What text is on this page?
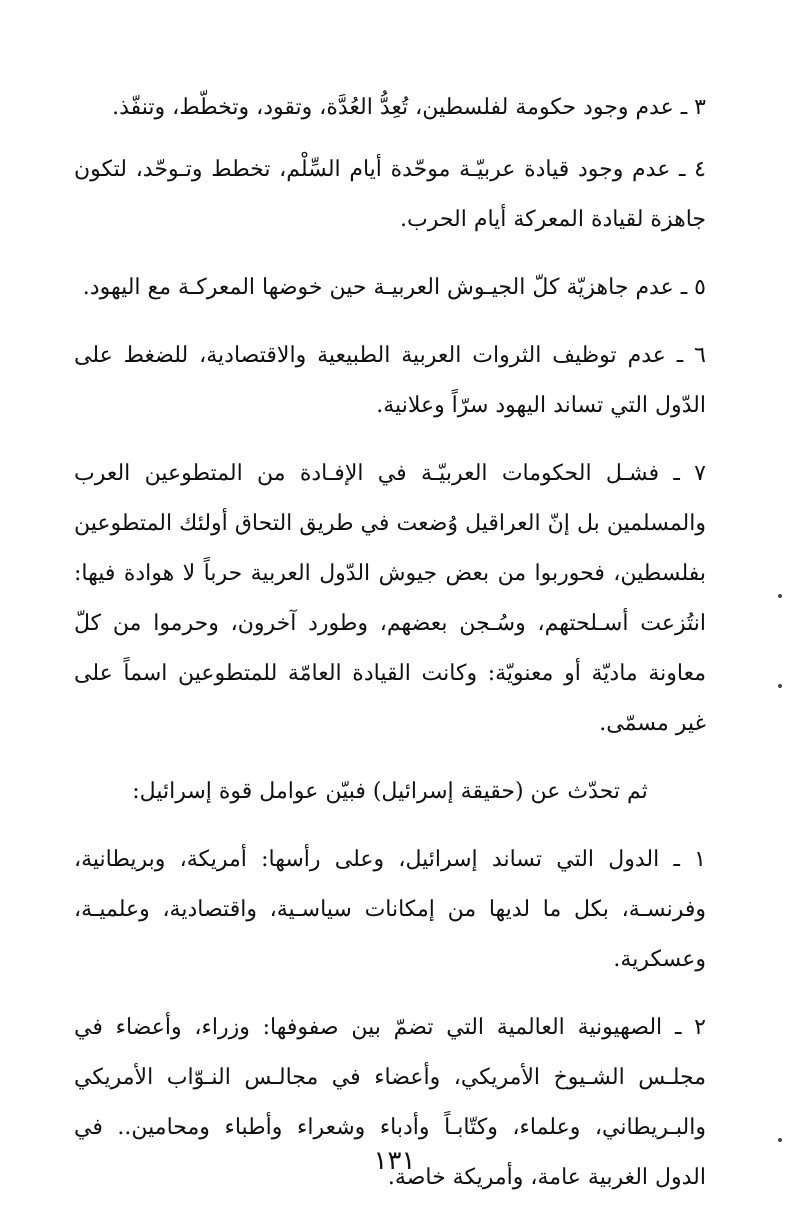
٣ ـ عدم وجود حكومة لفلسطين، تُعِدُّ العُدَّة، وتقود، وتخطّط، وتنفّذ.

٤ ـ عدم وجود قيادة عربيّـة موحّدة أيام السِّلْم، تخطط وتـوحّد، لتكون جاهزة لقيادة المعركة أيام الحرب.

٥ ـ عدم جاهزيّة كلّ الجيـوش العربيـة حين خوضها المعركـة مع اليهود.

٦ ـ عدم توظيف الثروات العربية الطبيعية والاقتصادية، للضغط على الدّول التي تساند اليهود سرّاً وعلانية.

٧ ـ فشـل الحكومات العربيّـة في الإفـادة من المتطوعين العرب والمسلمين بل إنّ العراقيل وُضعت في طريق التحاق أولئك المتطوعين بفلسطين، فحوربوا من بعض جيوش الدّول العربية حرباً لا هوادة فيها: انتُزعت أسـلحتهم، وسُـجن بعضهم، وطورد آخرون، وحرموا من كلّ معاونة ماديّة أو معنويّة: وكانت القيادة العامّة للمتطوعين اسماً على غير مسمّى.

ثم تحدّث عن (حقيقة إسرائيل) فبيّن عوامل قوة إسرائيل:

١ ـ الدول التي تساند إسرائيل، وعلى رأسها: أمريكة، وبريطانية، وفرنسـة، بكل ما لديها من إمكانات سياسـية، واقتصادية، وعلميـة، وعسكرية.

٢ ـ الصهيونية العالمية التي تضمّ بين صفوفها: وزراء، وأعضاء في مجلـس الشـيوخ الأمريكي، وأعضاء في مجالـس النـوّاب الأمريكي والبـريطاني، وعلماء، وكتّابـاً وأدباء وشعراء وأطباء ومحامين.. في الدول الغربية عامة، وأمريكة خاصة.

١٣١
